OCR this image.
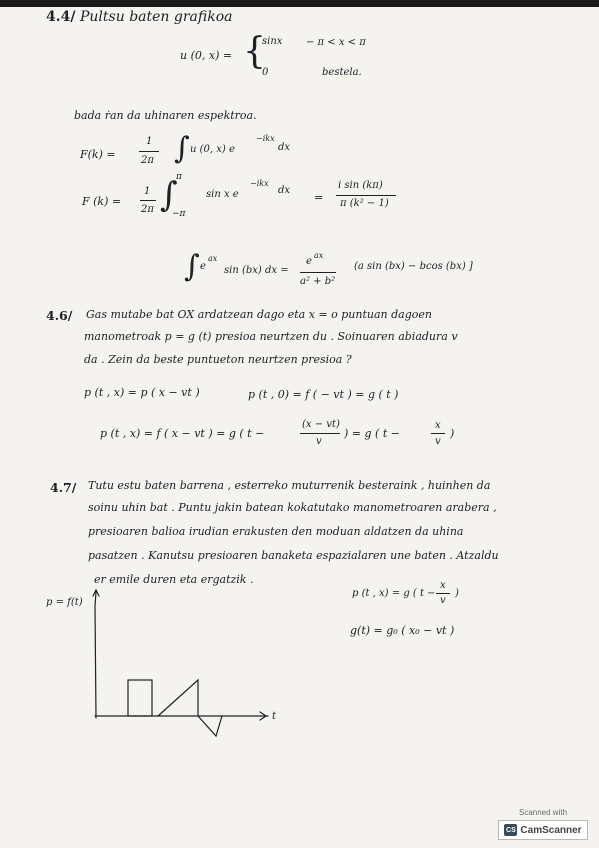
4.4/ Pultsu baten grafikoa
u (0, x) = {
sinx − π < x < π
0	bestela.
bada ṙan da uhinaren espektroa.
F(k) =
1
2π ∫ u (0, x) e
−ikx
dx
F (k) =
1
2π
π
∫
−π
sin x e
−ikx
dx
=
i sin (kπ)
π (k² − 1)
∫ e
ax
sin (bx) dx =
e
ax
a² + b²
(a sin (bx) − bcos (bx) ]
4.6/ Gas mutabe bat OX ardatzean dago eta x = o puntuan dagoen
manometroak p = g (t) presioa neurtzen du . Soinuaren abiadura v
da . Zein da beste puntueton neurtzen presioa ?
p (t , x) = p ( x − vt )	p (t , 0) = f ( − vt ) = g ( t )
p (t , x) = f ( x − vt ) = g ( t −
(x − vt)
v
) = g ( t −
x
v
)
4.7/ Tutu estu baten barrena , esterreko muturrenik besteraink , huinhen da
soinu uhin bat . Puntu jakin batean kokatutako manometroaren arabera ,
presioaren balioa irudian erakusten den moduan aldatzen da uhina
pasatzen . Kanutsu presioaren banaketa espazialaren une baten . Atzaldu
er emile duren eta ergatzik .
p (t , x) = g ( t −
x
v
)
g(t) = g₀ ( x₀ − vt )
p = f(t)
t
Scanned with
CS CamScanner
